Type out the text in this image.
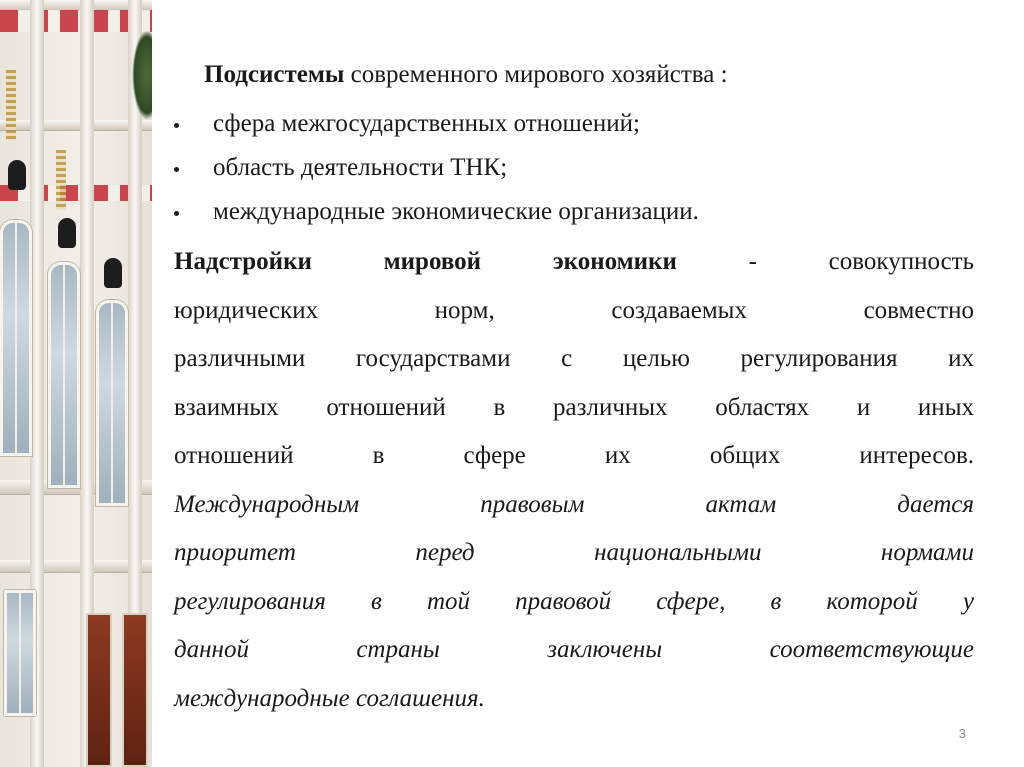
Подсистемы современного мирового хозяйства :
сфера межгосударственных отношений;
область деятельности ТНК;
международные экономические организации.
Надстройки мировой экономики - совокупность
юридических норм, создаваемых совместно
различными государствами с целью регулирования их
взаимных отношений в различных областях и иных
отношений в сфере их общих интересов.
Международным правовым актам дается
приоритет перед национальными нормами
регулирования в той правовой сфере, в которой у
данной страны заключены соответствующие
международные соглашения.
3
